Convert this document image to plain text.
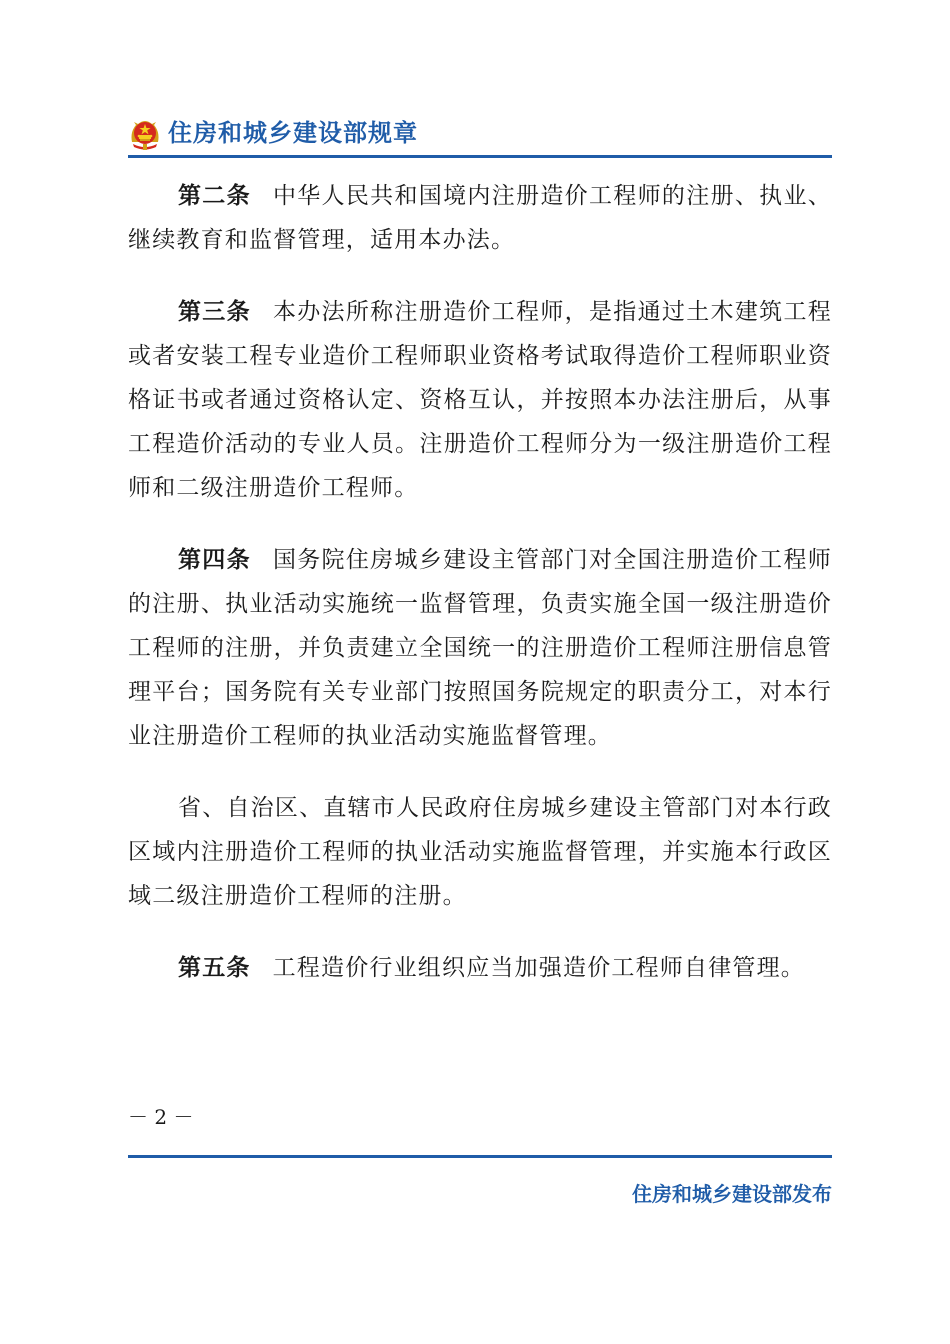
住房和城乡建设部规章

第二条 中华人民共和国境内注册造价工程师的注册、执业、继续教育和监督管理，适用本办法。

第三条 本办法所称注册造价工程师，是指通过土木建筑工程或者安装工程专业造价工程师职业资格考试取得造价工程师职业资格证书或者通过资格认定、资格互认，并按照本办法注册后，从事工程造价活动的专业人员。注册造价工程师分为一级注册造价工程师和二级注册造价工程师。

第四条 国务院住房城乡建设主管部门对全国注册造价工程师的注册、执业活动实施统一监督管理，负责实施全国一级注册造价工程师的注册，并负责建立全国统一的注册造价工程师注册信息管理平台；国务院有关专业部门按照国务院规定的职责分工，对本行业注册造价工程师的执业活动实施监督管理。

省、自治区、直辖市人民政府住房城乡建设主管部门对本行政区域内注册造价工程师的执业活动实施监督管理，并实施本行政区域二级注册造价工程师的注册。

第五条 工程造价行业组织应当加强造价工程师自律管理。

－ 2 －
住房和城乡建设部发布
